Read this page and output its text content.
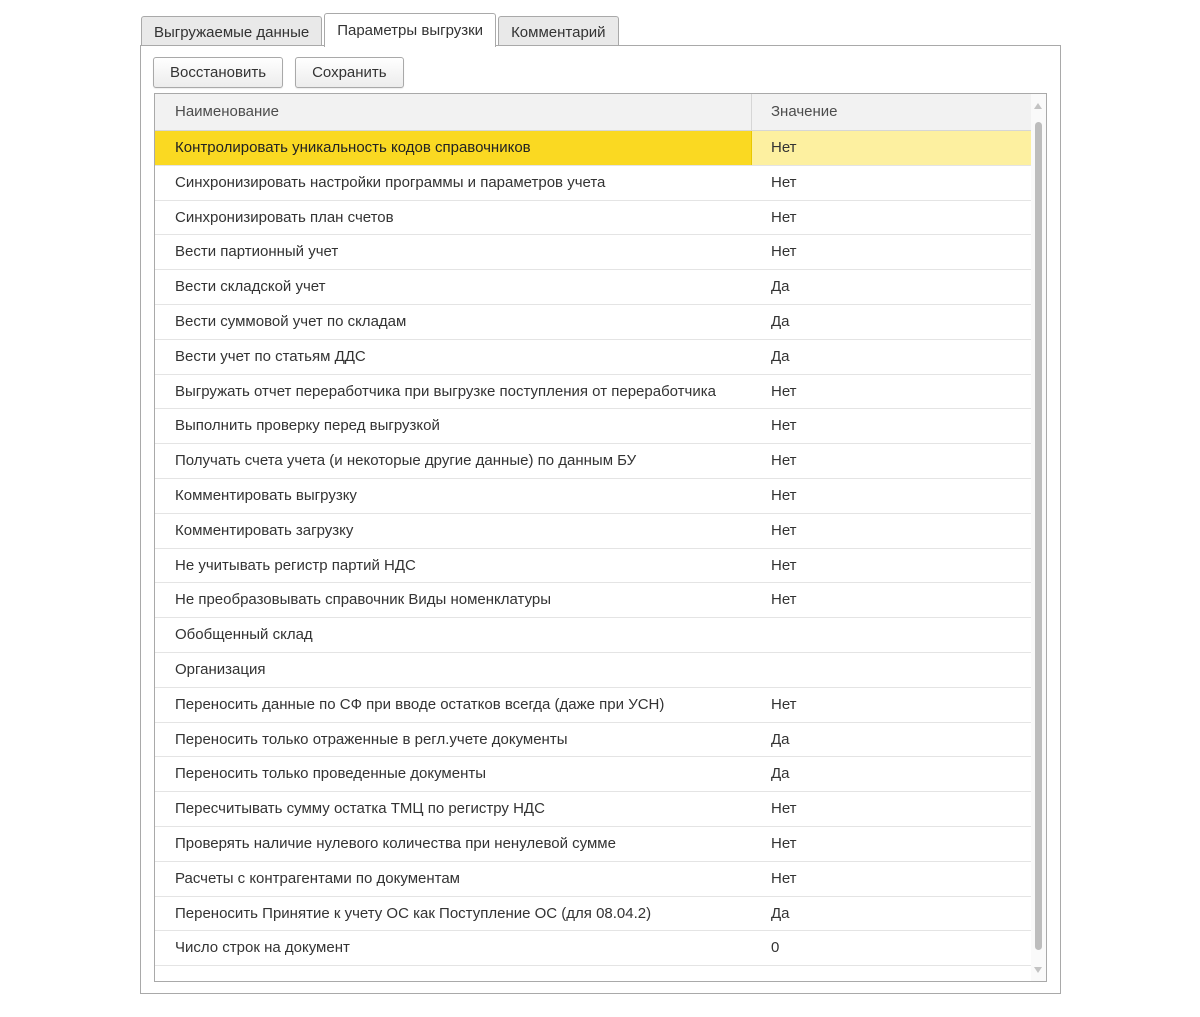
Выгружаемые данные	Параметры выгрузки	Комментарий
Восстановить	Сохранить
Наименование	Значение
Контролировать уникальность кодов справочников	Нет
Синхронизировать настройки программы и параметров учета	Нет
Синхронизировать план счетов	Нет
Вести партионный учет	Нет
Вести складской учет	Да
Вести суммовой учет по складам	Да
Вести учет по статьям ДДС	Да
Выгружать отчет переработчика при выгрузке поступления от переработчика	Нет
Выполнить проверку перед выгрузкой	Нет
Получать счета учета (и некоторые другие данные) по данным БУ	Нет
Комментировать выгрузку	Нет
Комментировать загрузку	Нет
Не учитывать регистр партий НДС	Нет
Не преобразовывать справочник Виды номенклатуры	Нет
Обобщенный склад
Организация
Переносить данные по СФ при вводе остатков всегда (даже при УСН)	Нет
Переносить только отраженные в регл.учете документы	Да
Переносить только проведенные документы	Да
Пересчитывать сумму остатка ТМЦ по регистру НДС	Нет
Проверять наличие нулевого количества при ненулевой сумме	Нет
Расчеты с контрагентами по документам	Нет
Переносить Принятие к учету ОС как Поступление ОС (для 08.04.2)	Да
Число строк на документ	0
